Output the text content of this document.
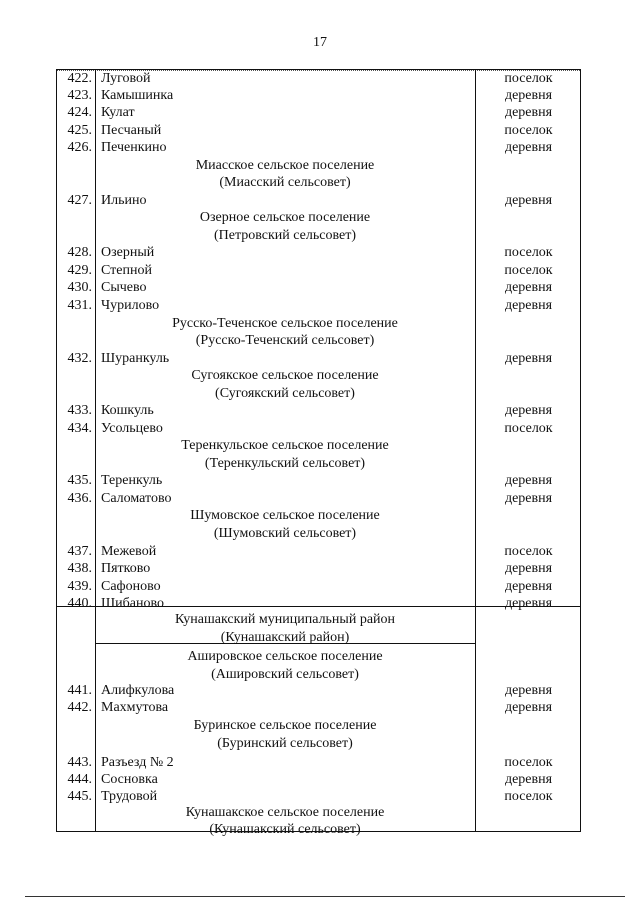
17
422. Луговой	поселок
423. Камышинка	деревня
424. Кулат	деревня
425. Песчаный	поселок
426. Печенкино	деревня
Миасское сельское поселение
(Миасский сельсовет)
427. Ильино	деревня
Озерное сельское поселение
(Петровский сельсовет)
428. Озерный	поселок
429. Степной	поселок
430. Сычево	деревня
431. Чурилово	деревня
Русско-Теченское сельское поселение
(Русско-Теченский сельсовет)
432. Шуранкуль	деревня
Сугоякское сельское поселение
(Сугоякский сельсовет)
433. Кошкуль	деревня
434. Усольцево	поселок
Теренкульское сельское поселение
(Теренкульский сельсовет)
435. Теренкуль	деревня
436. Саломатово	деревня
Шумовское сельское поселение
(Шумовский сельсовет)
437. Межевой	поселок
438. Пятково	деревня
439. Сафоново	деревня
440. Шибаново	деревня
Кунашакский муниципальный район
(Кунашакский район)
Ашировское сельское поселение
(Ашировский сельсовет)
441. Алифкулова	деревня
442. Махмутова	деревня
Буринское сельское поселение
(Буринский сельсовет)
443. Разъезд № 2	поселок
444. Сосновка	деревня
445. Трудовой	поселок
Кунашакское сельское поселение
(Кунашакский сельсовет)
